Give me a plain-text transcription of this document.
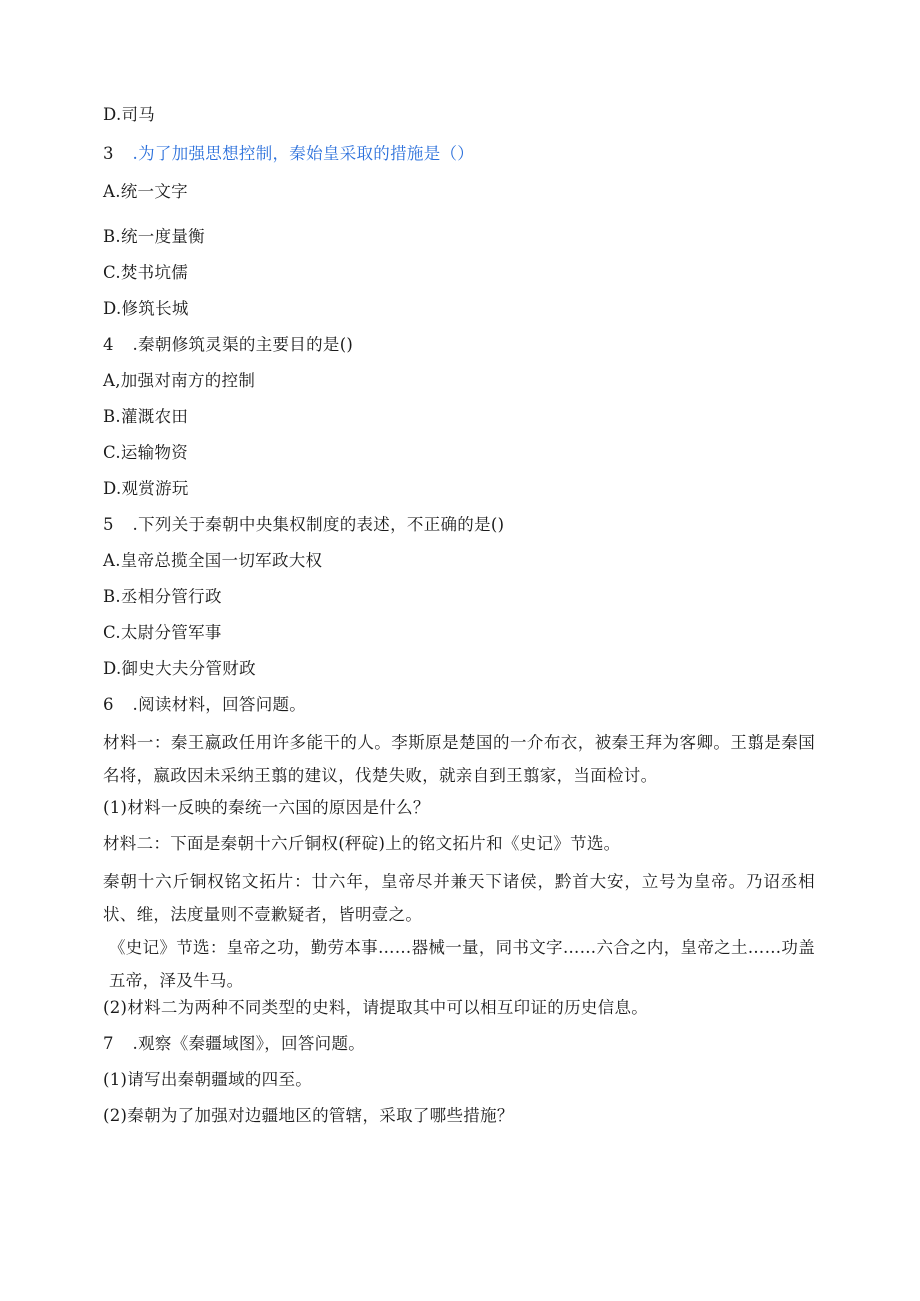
D.司马
3 .为了加强思想控制，秦始皇采取的措施是（）
A.统一文字
B.统一度量衡
C.焚书坑儒
D.修筑长城
4 .秦朝修筑灵渠的主要目的是()
A,加强对南方的控制
B.灌溉农田
C.运输物资
D.观赏游玩
5 .下列关于秦朝中央集权制度的表述，不正确的是()
A.皇帝总揽全国一切军政大权
B.丞相分管行政
C.太尉分管军事
D.御史大夫分管财政
6 .阅读材料，回答问题。
材料一：秦王嬴政任用许多能干的人。李斯原是楚国的一介布衣，被秦王拜为客卿。王翦是秦国名将，嬴政因未采纳王翦的建议，伐楚失败，就亲自到王翦家，当面检讨。
(1)材料一反映的秦统一六国的原因是什么？
材料二：下面是秦朝十六斤铜权(秤碇)上的铭文拓片和《史记》节选。
秦朝十六斤铜权铭文拓片：廿六年，皇帝尽并兼天下诸侯，黔首大安，立号为皇帝。乃诏丞相状、维，法度量则不壹歉疑者，皆明壹之。
《史记》节选：皇帝之功，勤劳本事……器械一量，同书文字……六合之内，皇帝之土……功盖五帝，泽及牛马。
(2)材料二为两种不同类型的史料，请提取其中可以相互印证的历史信息。
7 .观察《秦疆域图》，回答问题。
(1)请写出秦朝疆域的四至。
(2)秦朝为了加强对边疆地区的管辖，采取了哪些措施？
